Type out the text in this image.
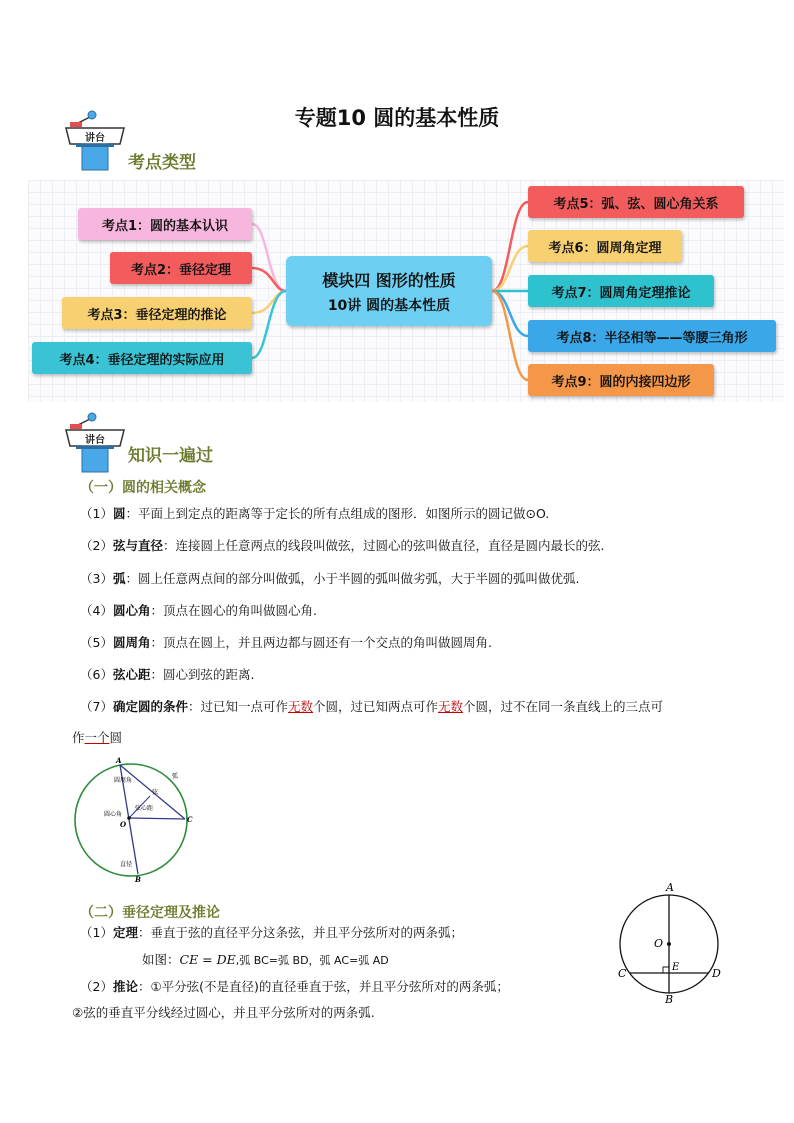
专题10 圆的基本性质
讲台
考点类型
考点1：圆的基本认识
考点2：垂径定理
考点3：垂径定理的推论
考点4：垂径定理的实际应用
模块四 图形的性质
10讲 圆的基本性质
考点5：弧、弦、圆心角关系
考点6：圆周角定理
考点7：圆周角定理推论
考点8：半径相等——等腰三角形
考点9：圆的内接四边形
讲台
知识一遍过
（一）圆的相关概念
（1）圆：平面上到定点的距离等于定长的所有点组成的图形．如图所示的圆记做⊙O.
（2）弦与直径：连接圆上任意两点的线段叫做弦，过圆心的弦叫做直径，直径是圆内最长的弦.
（3）弧：圆上任意两点间的部分叫做弧，小于半圆的弧叫做劣弧，大于半圆的弧叫做优弧.
（4）圆心角：顶点在圆心的角叫做圆心角.
（5）圆周角：顶点在圆上，并且两边都与圆还有一个交点的角叫做圆周角.
（6）弦心距：圆心到弦的距离.
（7）确定圆的条件：过已知一点可作无数个圆，过已知两点可作无数个圆，过不在同一条直线上的三点可
作一个圆
A
B
C
O
弧
弦
圆周角
圆心角
弦心距
直径
（二）垂径定理及推论
（1）定理：垂直于弦的直径平分这条弦，并且平分弦所对的两条弧；
如图：CE = DE,弧 BC=弧 BD，弧 AC=弧 AD
（2）推论：①平分弦(不是直径)的直径垂直于弦，并且平分弦所对的两条弧；
②弦的垂直平分线经过圆心，并且平分弦所对的两条弧.
A
B
C	D
E
O
